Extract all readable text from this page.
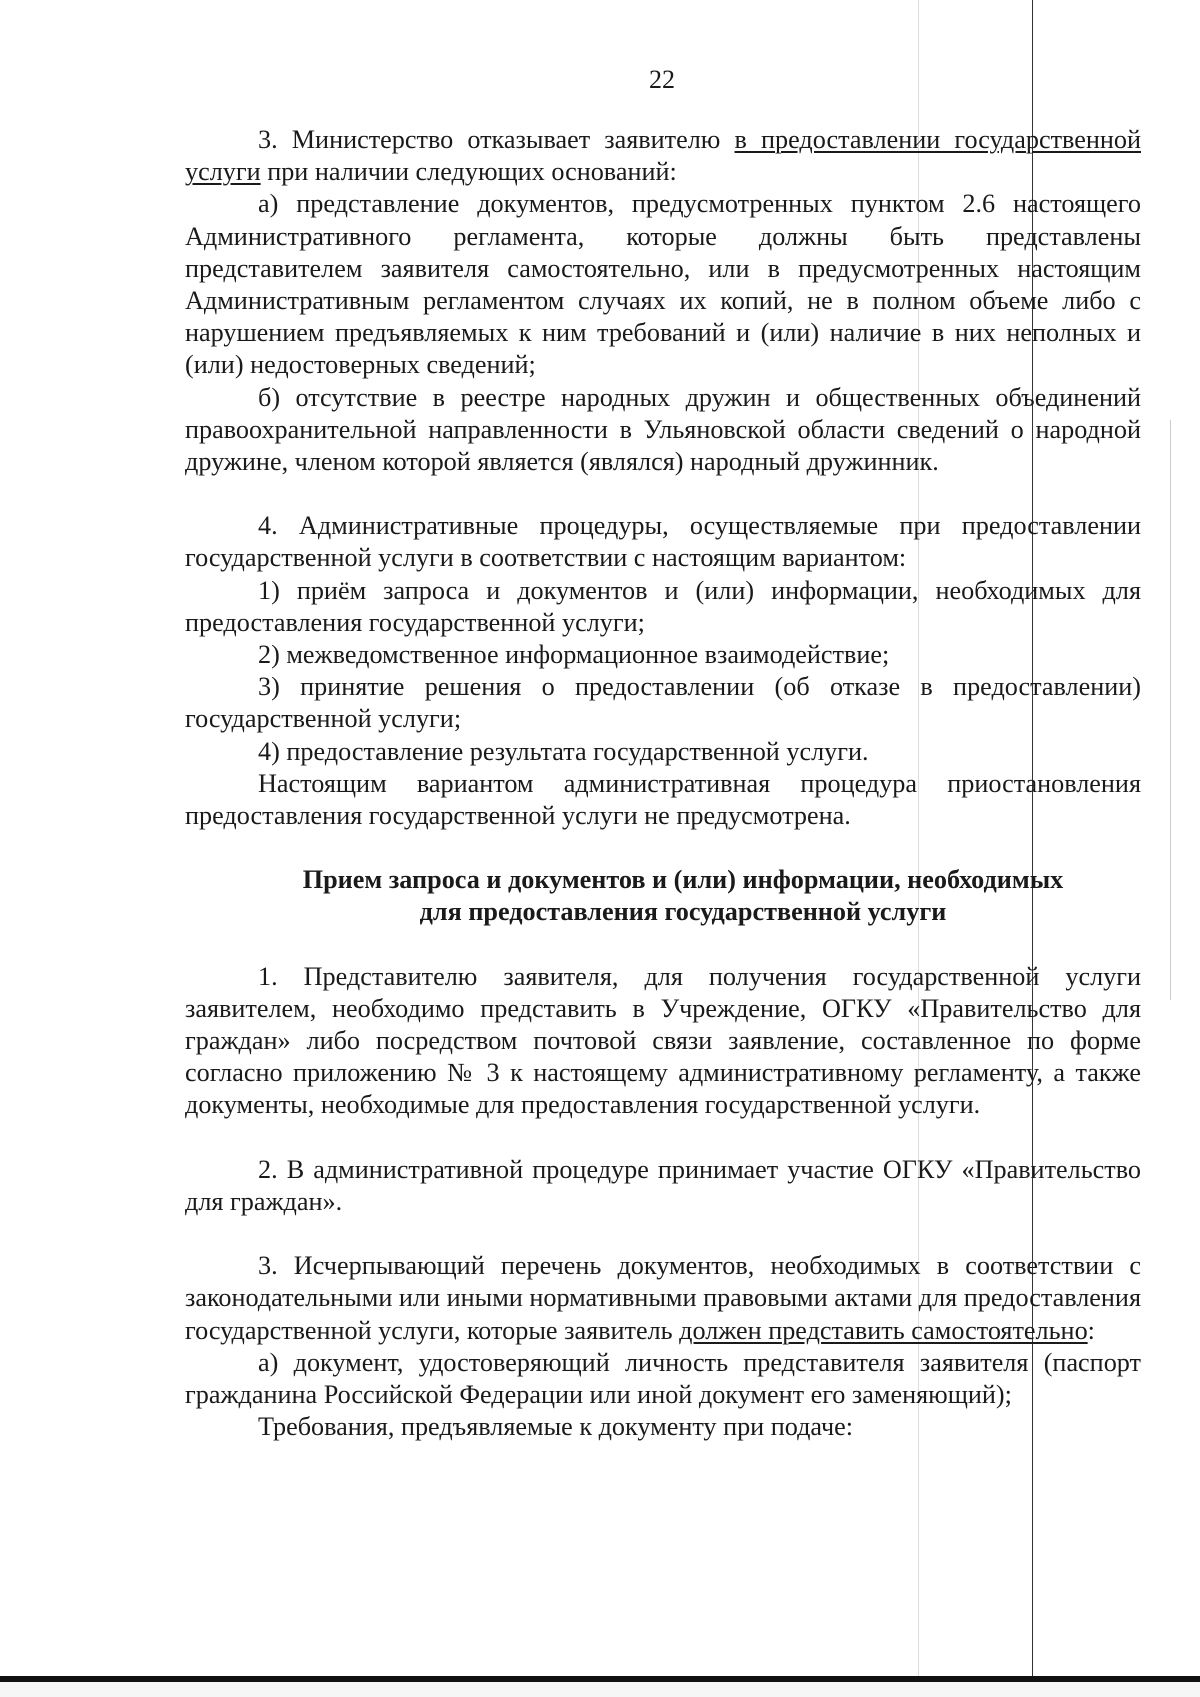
22

3. Министерство отказывает заявителю в предоставлении государственной услуги при наличии следующих оснований:

а) представление документов, предусмотренных пунктом 2.6 настоящего Административного регламента, которые должны быть представлены представителем заявителя самостоятельно, или в предусмотренных настоящим Административным регламентом случаях их копий, не в полном объеме либо с нарушением предъявляемых к ним требований и (или) наличие в них неполных и (или) недостоверных сведений;

б) отсутствие в реестре народных дружин и общественных объединений правоохранительной направленности в Ульяновской области сведений о народной дружине, членом которой является (являлся) народный дружинник.

4. Административные процедуры, осуществляемые при предоставлении государственной услуги в соответствии с настоящим вариантом:

1) приём запроса и документов и (или) информации, необходимых для предоставления государственной услуги;

2) межведомственное информационное взаимодействие;

3) принятие решения о предоставлении (об отказе в предоставлении) государственной услуги;

4) предоставление результата государственной услуги.

Настоящим вариантом административная процедура приостановления предоставления государственной услуги не предусмотрена.

Прием запроса и документов и (или) информации, необходимых
для предоставления государственной услуги

1. Представителю заявителя, для получения государственной услуги заявителем, необходимо представить в Учреждение, ОГКУ «Правительство для граждан» либо посредством почтовой связи заявление, составленное по форме согласно приложению № 3 к настоящему административному регламенту, а также документы, необходимые для предоставления государственной услуги.

2. В административной процедуре принимает участие ОГКУ «Правительство для граждан».

3. Исчерпывающий перечень документов, необходимых в соответствии с законодательными или иными нормативными правовыми актами для предоставления государственной услуги, которые заявитель должен представить самостоятельно:

а) документ, удостоверяющий личность представителя заявителя (паспорт гражданина Российской Федерации или иной документ его заменяющий);

Требования, предъявляемые к документу при подаче:
